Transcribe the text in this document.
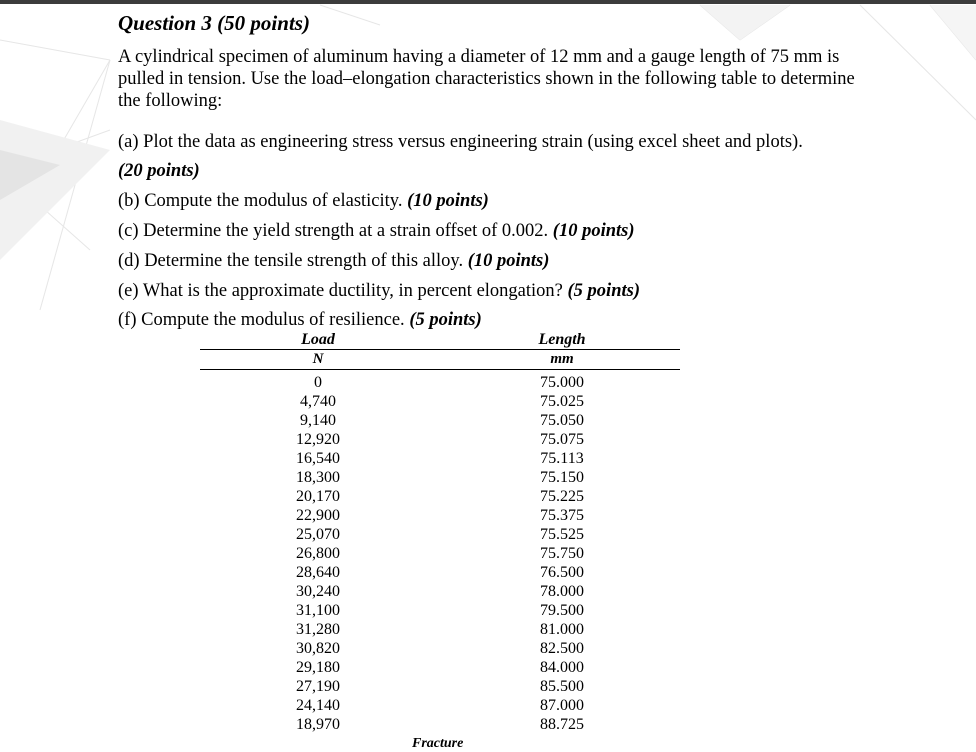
Question 3 (50 points)

A cylindrical specimen of aluminum having a diameter of 12 mm and a gauge length of 75 mm is pulled in tension. Use the load–elongation characteristics shown in the following table to determine the following:

(a) Plot the data as engineering stress versus engineering strain (using excel sheet and plots).

(20 points)

(b) Compute the modulus of elasticity. (10 points)

(c) Determine the yield strength at a strain offset of 0.002. (10 points)

(d) Determine the tensile strength of this alloy. (10 points)

(e) What is the approximate ductility, in percent elongation? (5 points)

(f) Compute the modulus of resilience. (5 points)

Load	Length
N	mm
0
4,740
9,140
12,920
16,540
18,300
20,170
22,900
25,070
26,800
28,640
30,240
31,100
31,280
30,820
29,180
27,190
24,140
18,970
75.000
75.025
75.050
75.075
75.113
75.150
75.225
75.375
75.525
75.750
76.500
78.000
79.500
81.000
82.500
84.000
85.500
87.000
88.725
Fracture
